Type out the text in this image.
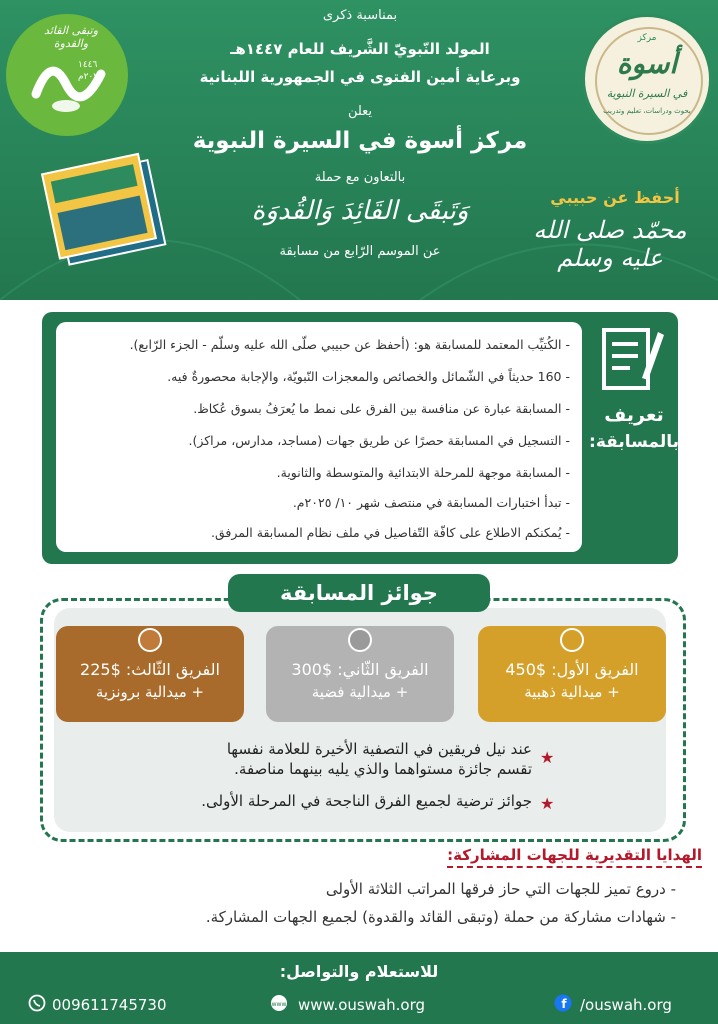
وتبقى القائد والقدوة
١٤٤٦
٢٠٢٥م
بمناسبة ذكرى
المولد النّبويّ الشَّريف للعام ١٤٤٧هـ
وبرعاية أمين الفتوى في الجمهورية اللبنانية
يعلن
مركز أسوة في السيرة النبوية
بالتعاون مع حملة
وَتَبقَى القَائِدَ وَالقُدوَة
عن الموسم الرّابع من مسابقة
مركز
أسوة
في السيرة النبوية
بحوث ودراسات، تعليم وتدريب
أحفظ عن حبيبي
محمّد صلى الله عليه وسلم
تعريف
بالمسابقة:
- الكُتيِّب المعتمد للمسابقة هو: (أحفظ عن حبيبي صلّى الله عليه وسلّم - الجزء الرّابع).
- 160 حديثاً في الشّمائل والخصائص والمعجزات النّبويّة، والإجابة محصورةٌ فيه.
- المسابقة عبارة عن منافسة بين الفرق على نمط ما يُعرَفُ بسوق عُكاظ.
- التسجيل في المسابقة حصرًا عن طريق جهات (مساجد، مدارس، مراكز).
- المسابقة موجهة للمرحلة الابتدائية والمتوسطة والثانوية.
- تبدأ اختبارات المسابقة في منتصف شهر ١٠/ ٢٠٢٥م.
- يُمكنكم الاطلاع على كافّة التّفاصيل في ملف نظام المسابقة المرفق.
جوائز المسابقة
الفريق الأول: $450
+ ميدالية ذهبية
الفريق الثّاني: $300
+ ميدالية فضية
الفريق الثّالث: $225
+ ميدالية برونزية
★
عند نيل فريقين في التصفية الأخيرة للعلامة نفسها
تقسم جائزة مستواهما والذي يليه بينهما مناصفة.
★
جوائز ترضية لجميع الفرق الناجحة في المرحلة الأولى.
الهدايا التقديرية للجهات المشاركة:
- دروع تميز للجهات التي حاز فرقها المراتب الثلاثة الأولى
- شهادات مشاركة من حملة (وتبقى القائد والقدوة) لجميع الجهات المشاركة.
للاستعلام والتواصل:
009611745730	www www.ouswah.org	f /ouswah.org
